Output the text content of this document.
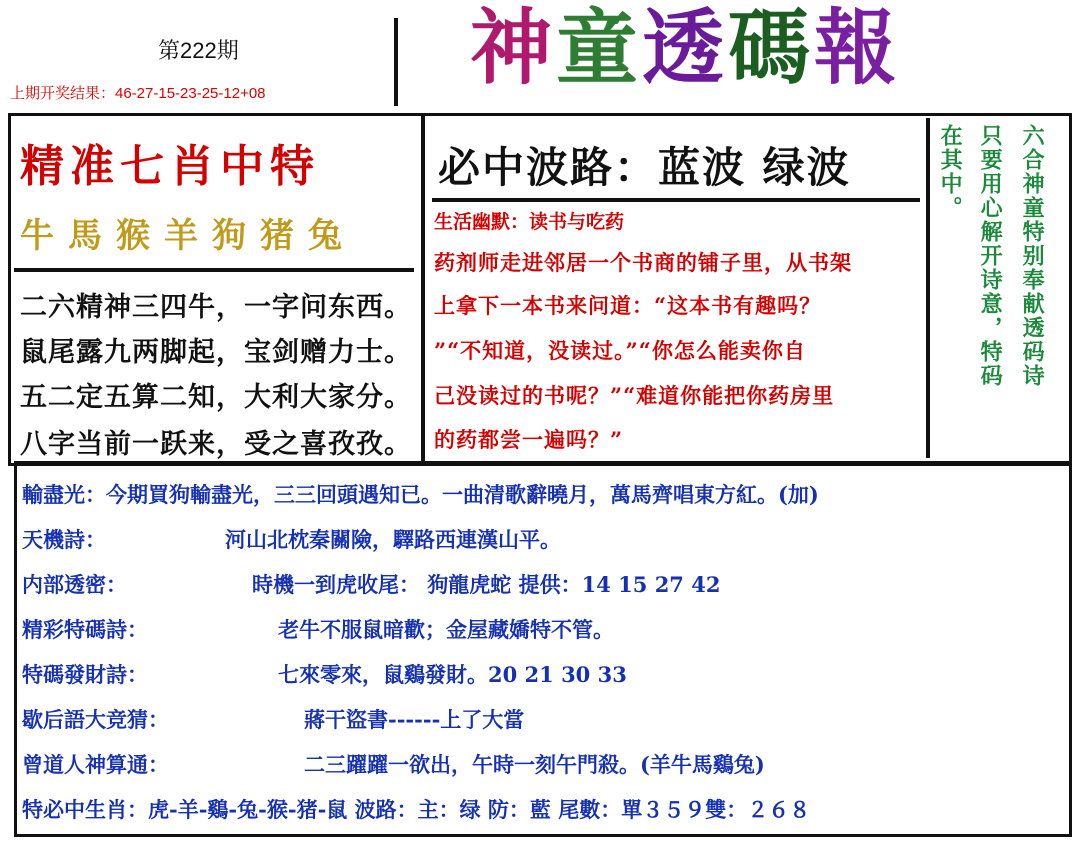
第222期
上期开奖结果：46-27-15-23-25-12+08 神童透碼報
精准七肖中特
牛馬猴羊狗猪兔
二六精神三四牛，一字问东西。
鼠尾露九两脚起，宝剑赠力士。
五二定五算二知，大利大家分。
八字当前一跃来，受之喜孜孜。
必中波路：蓝波 绿波
生活幽默：读书与吃药
药剂师走进邻居一个书商的铺子里，从书架
上拿下一本书来问道：“这本书有趣吗？
”“不知道，没读过。”“你怎么能卖你自
己没读过的书呢？”“难道你能把你药房里
的药都尝一遍吗？”
六合神童特别奉献透码诗
只要用心解开诗意，特码
在其中。
輸盡光：今期買狗輸盡光，三三回頭遇知已。一曲清歌辭曉月，萬馬齊唱東方紅。(加)
天機詩：	河山北枕秦關險，驛路西連漢山平。
内部透密：	時機一到虎收尾： 狗龍虎蛇 提供：14 15 27 42
精彩特碼詩：	老牛不服鼠暗歡；金屋藏嬌特不管。
特碼發財詩：	七來零來，鼠鷄發財。20 21 30 33
歇后語大竞猜：	蔣干盜書------上了大當
曾道人神算通：	二三躍躍一欲出，午時一刻午門殺。(羊牛馬鷄兔)
特必中生肖：虎-羊-鷄-兔-猴-猪-鼠 波路：主：绿 防：藍 尾數：單３５９雙：２６８
